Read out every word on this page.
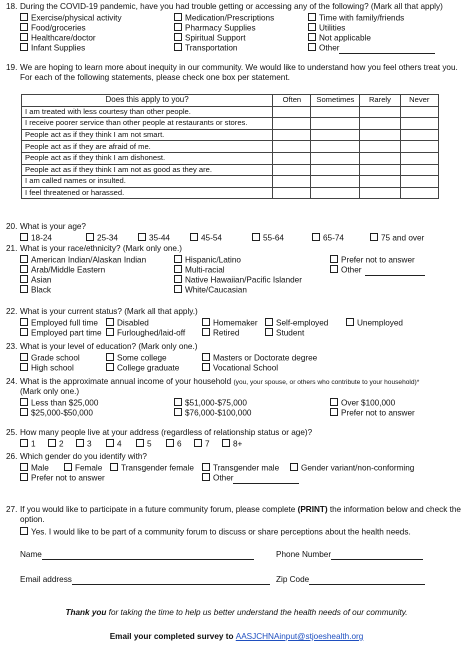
18. During the COVID-19 pandemic, have you had trouble getting or accessing any of the following? (Mark all that apply)
Exercise/physical activity	Medication/Prescriptions	Time with family/friends
Food/groceries	Pharmacy Supplies	Utilities
Healthcare/doctor	Spiritual Support	Not applicable
Infant Supplies	Transportation	Other
19. We are hoping to learn more about inequity in our community. We would like to understand how you feel others treat you. For each of the following statements, please check one box per statement.
Does this apply to you?	Often	Sometimes	Rarely	Never
I am treated with less courtesy than other people.				
I receive poorer service than other people at restaurants or stores.				
People act as if they think I am not smart.				
People act as if they are afraid of me.				
People act as if they think I am dishonest.				
People act as if they think I am not as good as they are.				
I am called names or insulted.				
I feel threatened or harassed.				
20. What is your age?
18-24	25-34	35-44	45-54	55-64	65-74	75 and over
21. What is your race/ethnicity? (Mark only one.)
American Indian/Alaskan Indian	Hispanic/Latino	Prefer not to answer
Arab/Middle Eastern	Multi-racial	Other
Asian	Native Hawaiian/Pacific Islander
Black	White/Caucasian
22. What is your current status? (Mark all that apply.)
Employed full time	Disabled	Homemaker	Self-employed	Unemployed
Employed part time	Furloughed/laid-off	Retired	Student
23. What is your level of education? (Mark only one.)
Grade school	Some college	Masters or Doctorate degree
High school	College graduate	Vocational School
24. What is the approximate annual income of your household (you, your spouse, or others who contribute to your household)*
(Mark only one.)
Less than $25,000	$51,000-$75,000	Over $100,000
$25,000-$50,000	$76,000-$100,000	Prefer not to answer
25. How many people live at your address (regardless of relationship status or age)?
1	2	3	4	5	6	7	8+
26. Which gender do you identify with?
Male	Female	Transgender female	Transgender male	Gender variant/non-conforming
Prefer not to answer	Other
27. If you would like to participate in a future community forum, please complete (PRINT) the information below and check the option.
Yes. I would like to be part of a community forum to discuss or share perceptions about the health needs.
Name	Phone Number
Email address	Zip Code
Thank you for taking the time to help us better understand the health needs of our community.
Email your completed survey to AASJCHNAinput@stjoeshealth.org
